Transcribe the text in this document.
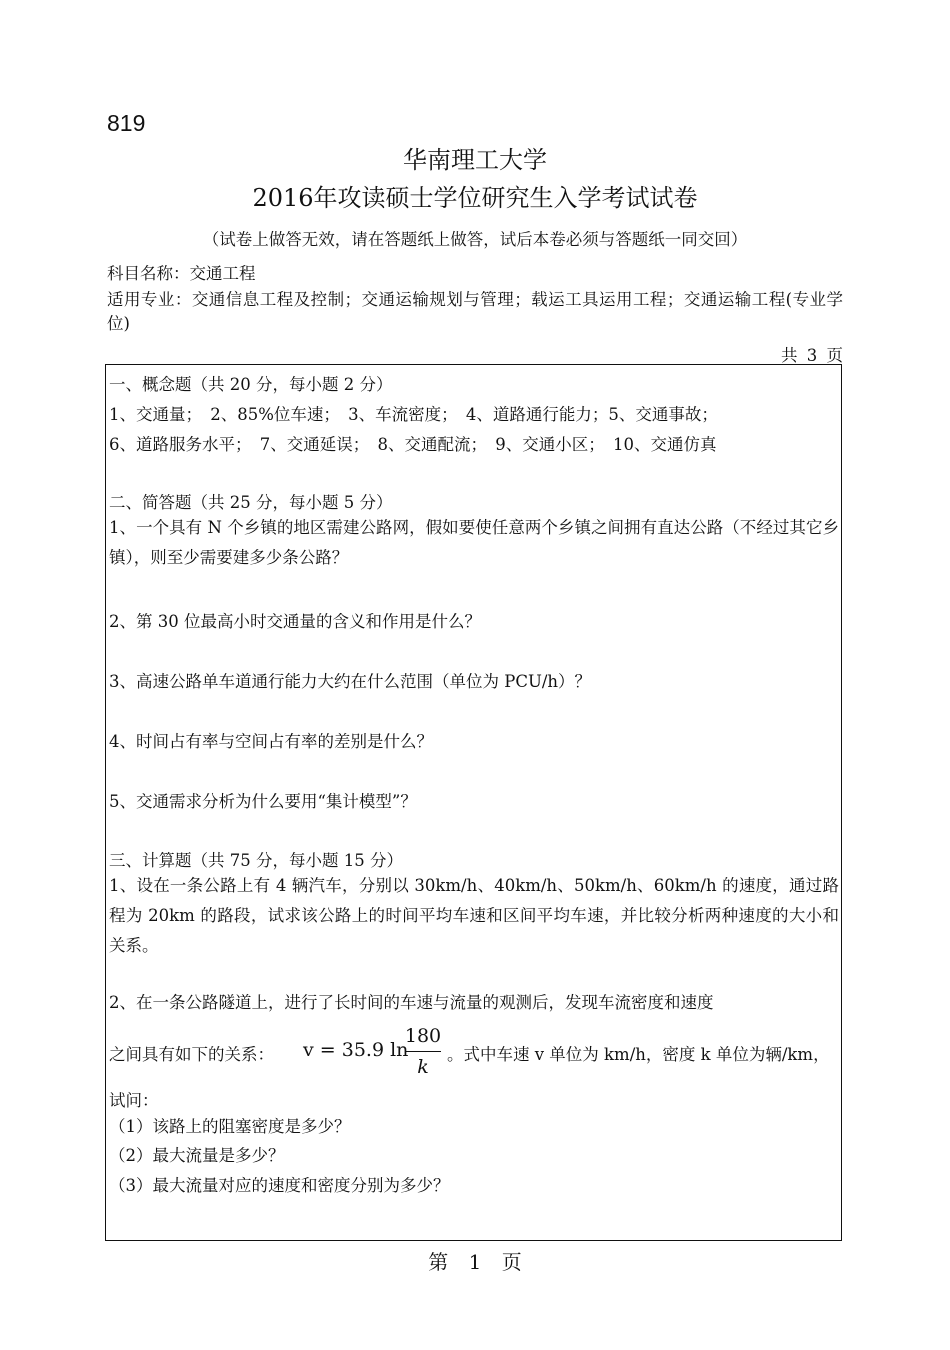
819
华南理工大学
2016年攻读硕士学位研究生入学考试试卷
（试卷上做答无效，请在答题纸上做答，试后本卷必须与答题纸一同交回）
科目名称：交通工程
适用专业：交通信息工程及控制；交通运输规划与管理；载运工具运用工程；交通运输工程(专业学位)
共 3 页
一、概念题（共 20 分，每小题 2 分）
1、交通量；　2、85%位车速；　3、车流密度；　4、道路通行能力；5、交通事故；
6、道路服务水平；　7、交通延误；　8、交通配流；　9、交通小区；　10、交通仿真
二、简答题（共 25 分，每小题 5 分）
1、一个具有 N 个乡镇的地区需建公路网，假如要使任意两个乡镇之间拥有直达公路（不经过其它乡镇），则至少需要建多少条公路？
2、第 30 位最高小时交通量的含义和作用是什么？
3、高速公路单车道通行能力大约在什么范围（单位为 PCU/h）？
4、时间占有率与空间占有率的差别是什么？
5、交通需求分析为什么要用“集计模型”？
三、计算题（共 75 分，每小题 15 分）
1、设在一条公路上有 4 辆汽车，分别以 30km/h、40km/h、50km/h、60km/h 的速度，通过路程为 20km 的路段，试求该公路上的时间平均车速和区间平均车速，并比较分析两种速度的大小和关系。
2、在一条公路隧道上，进行了长时间的车速与流量的观测后，发现车流密度和速度
之间具有如下的关系： v = 35.9 ln
180
k
。式中车速 v 单位为 km/h，密度 k 单位为辆/km，
试问：
（1）该路上的阻塞密度是多少？
（2）最大流量是多少？
（3）最大流量对应的速度和密度分别为多少？
第 1 页
